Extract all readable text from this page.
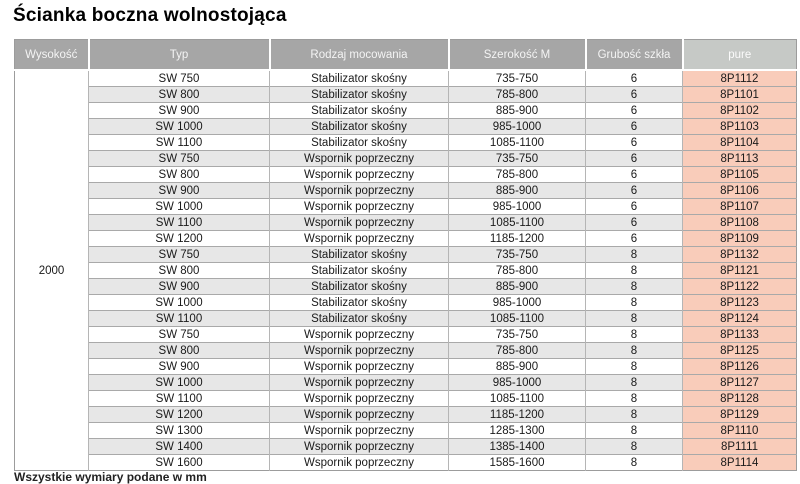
Ścianka boczna wolnostojąca
Wysokość	Typ	Rodzaj mocowania	Szerokość M	Grubość szkła	pure
2000	SW 750	Stabilizator skośny	735-750	6	8P1112
	SW 800	Stabilizator skośny	785-800	6	8P1101
	SW 900	Stabilizator skośny	885-900	6	8P1102
	SW 1000	Stabilizator skośny	985-1000	6	8P1103
	SW 1100	Stabilizator skośny	1085-1100	6	8P1104
	SW 750	Wspornik poprzeczny	735-750	6	8P1113
	SW 800	Wspornik poprzeczny	785-800	6	8P1105
	SW 900	Wspornik poprzeczny	885-900	6	8P1106
	SW 1000	Wspornik poprzeczny	985-1000	6	8P1107
	SW 1100	Wspornik poprzeczny	1085-1100	6	8P1108
	SW 1200	Wspornik poprzeczny	1185-1200	6	8P1109
	SW 750	Stabilizator skośny	735-750	8	8P1132
	SW 800	Stabilizator skośny	785-800	8	8P1121
	SW 900	Stabilizator skośny	885-900	8	8P1122
	SW 1000	Stabilizator skośny	985-1000	8	8P1123
	SW 1100	Stabilizator skośny	1085-1100	8	8P1124
	SW 750	Wspornik poprzeczny	735-750	8	8P1133
	SW 800	Wspornik poprzeczny	785-800	8	8P1125
	SW 900	Wspornik poprzeczny	885-900	8	8P1126
	SW 1000	Wspornik poprzeczny	985-1000	8	8P1127
	SW 1100	Wspornik poprzeczny	1085-1100	8	8P1128
	SW 1200	Wspornik poprzeczny	1185-1200	8	8P1129
	SW 1300	Wspornik poprzeczny	1285-1300	8	8P1110
	SW 1400	Wspornik poprzeczny	1385-1400	8	8P1111
	SW 1600	Wspornik poprzeczny	1585-1600	8	8P1114
Wszystkie wymiary podane w mm
